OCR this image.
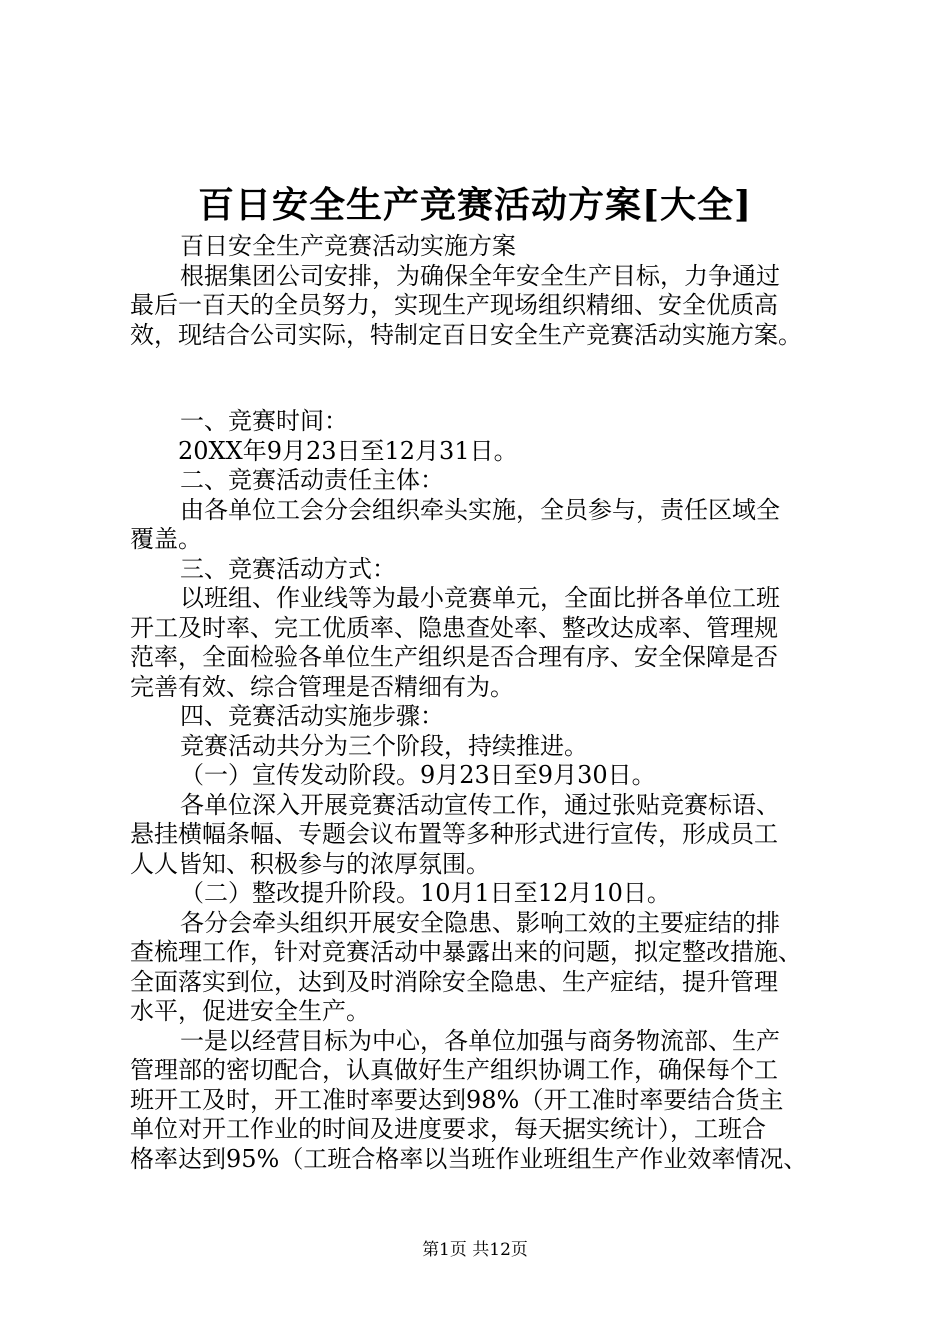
百日安全生产竞赛活动方案[大全]
百日安全生产竞赛活动实施方案
根据集团公司安排，为确保全年安全生产目标，力争通过
最后一百天的全员努力，实现生产现场组织精细、安全优质高
效，现结合公司实际，特制定百日安全生产竞赛活动实施方案。
一、竞赛时间：
20XX年9月23日至12月31日。
二、竞赛活动责任主体：
由各单位工会分会组织牵头实施，全员参与，责任区域全
覆盖。
三、竞赛活动方式：
以班组、作业线等为最小竞赛单元，全面比拼各单位工班
开工及时率、完工优质率、隐患查处率、整改达成率、管理规
范率，全面检验各单位生产组织是否合理有序、安全保障是否
完善有效、综合管理是否精细有为。
四、竞赛活动实施步骤：
竞赛活动共分为三个阶段，持续推进。
（一）宣传发动阶段。9月23日至9月30日。
各单位深入开展竞赛活动宣传工作，通过张贴竞赛标语、
悬挂横幅条幅、专题会议布置等多种形式进行宣传，形成员工
人人皆知、积极参与的浓厚氛围。
（二）整改提升阶段。10月1日至12月10日。
各分会牵头组织开展安全隐患、影响工效的主要症结的排
查梳理工作，针对竞赛活动中暴露出来的问题，拟定整改措施、
全面落实到位，达到及时消除安全隐患、生产症结，提升管理
水平，促进安全生产。
一是以经营目标为中心，各单位加强与商务物流部、生产
管理部的密切配合，认真做好生产组织协调工作，确保每个工
班开工及时，开工准时率要达到98%（开工准时率要结合货主
单位对开工作业的时间及进度要求，每天据实统计），工班合
格率达到95%（工班合格率以当班作业班组生产作业效率情况、
第1页 共12页
